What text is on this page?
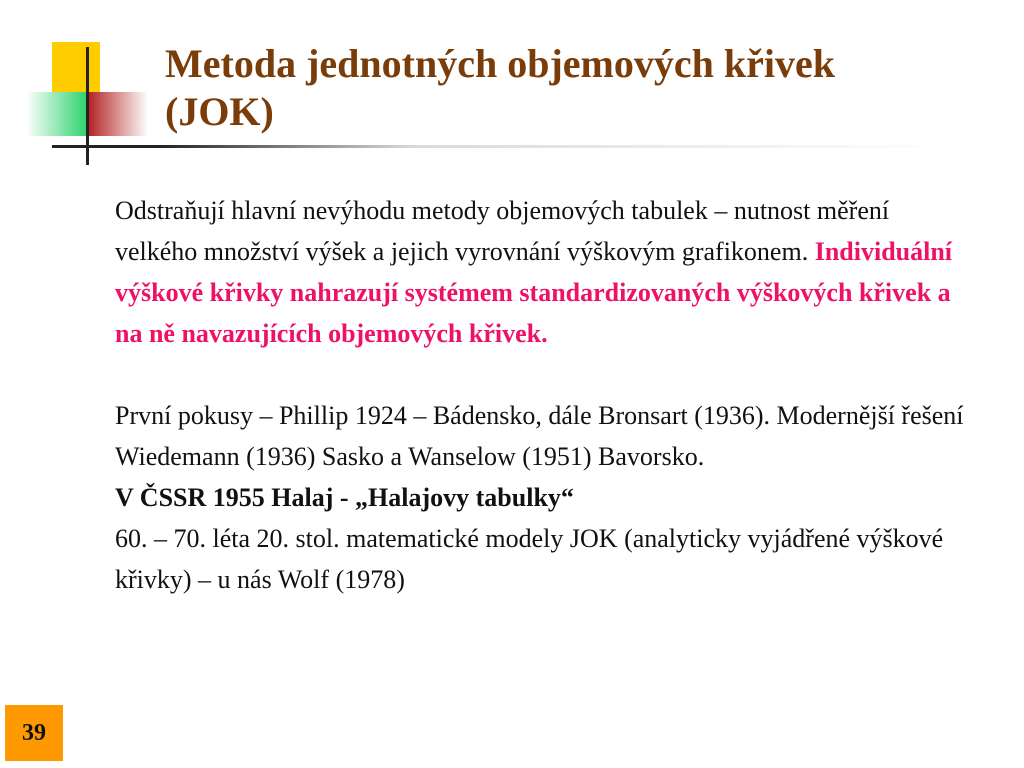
Metoda jednotných objemových křivek
(JOK)

Odstraňují hlavní nevýhodu metody objemových tabulek – nutnost měření velkého množství výšek a jejich vyrovnání výškovým grafikonem. Individuální výškové křivky nahrazují systémem standardizovaných výškových křivek a na ně navazujících objemových křivek.

První pokusy – Phillip 1924 – Bádensko, dále Bronsart (1936). Modernější řešení Wiedemann (1936) Sasko a Wanselow (1951) Bavorsko.
V ČSSR 1955 Halaj - „Halajovy tabulky“
60. – 70. léta 20. stol. matematické modely JOK (analyticky vyjádřené výškové křivky) – u nás Wolf (1978)

39
